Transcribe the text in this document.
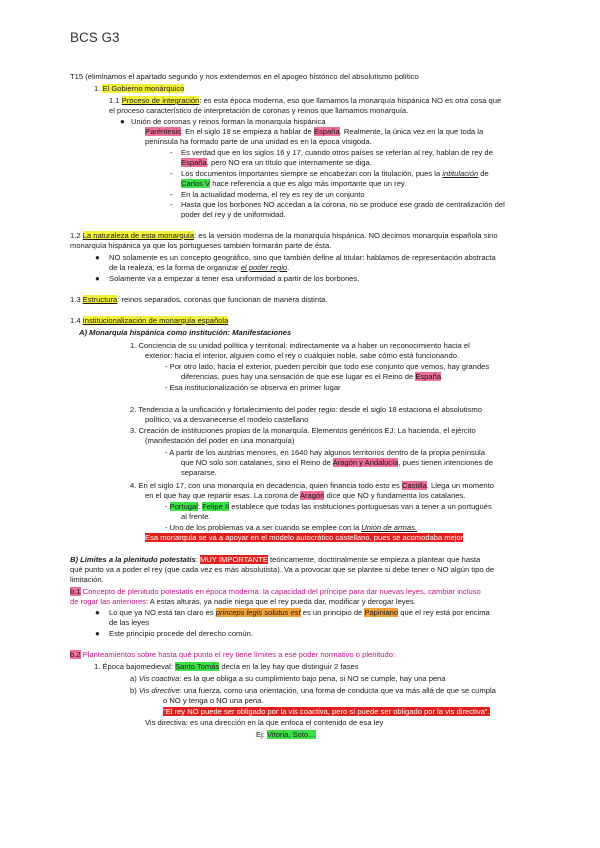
BCS G3
T15 (eliminamos el apartado segundo y nos extendemos en el apogeo histórico del absolutismo político
1. El Gobierno monárquico
1.1 Proceso de integración: es esta época moderna, eso que llamamos la monarquía hispánica NO es otra cosa que
el proceso característico de interpretación de coronas y reinos que llamamos monarquía.
Unión de coronas y reinos forman la monarquía hispánica
Paréntesis: En el siglo 18 se empieza a hablar de España. Realmente, la única vez en la que toda la
península ha formado parte de una unidad es en la época visigoda.
Es verdad que en los siglos 16 y 17, cuando otros países se referían al rey, hablan de rey de
España, pero NO era un título que internamente se diga.
Los documentos importantes siempre se encabezan con la titulación, pues la intitulación de
Carlos V hace referencia a que es algo más importante que un rey.
En la actualidad moderna, el rey es rey de un conjunto
Hasta que los borbones NO accedan a la corona, no se produce ese grado de centralización del
poder del rey y de uniformidad.
1.2 La naturaleza de esta monarquía: es la versión moderna de la monarquía hispánica. NO decimos monarquía española sino
monarquía hispánica ya que los portugueses también formarán parte de ésta.
NO solamente es un concepto geográfico, sino que también define al titular: hablamos de representación abstracta
de la realeza, es la forma de organizar el poder regio.
Solamente va a empezar a tener esa uniformidad a partir de los borbones.
1.3 Estructura: reinos separados, coronas que funcionan de manera distinta.
1.4 Institucionalización de monarquía española
A) Monarquía hispánica como institución: Manifestaciones
1. Conciencia de su unidad política y territorial: indirectamente va a haber un reconocimiento hacia el
exterior: hacia el interior, alguien como el rey o cualquier noble, sabe cómo está funcionando.
- Por otro lado, hacia el exterior, pueden percibir que todo ese conjunto que vemos, hay grandes
diferencias, pues hay una sensación de que ese lugar es el Reino de España.
- Esa institucionalización se observa en primer lugar
2. Tendencia a la unificación y fortalecimiento del poder regio: desde el siglo 18 estaciona el absolutismo
político, va a desvanecerse el modelo castellano
3. Creación de instituciones propias de la monarquía. Elementos genéricos EJ: La hacienda, el ejército
(manifestación del poder en una monarquía)
- A partir de los austrias menores, en 1640 hay algunos territorios dentro de la propia península
que NO solo son catalanes, sino el Reino de Aragón y Andalucía, pues tienen intenciones de
separarse.
4. En el siglo 17, con una monarquía en decadencia, quien financia todo esto es Castilla. Llega un momento
en el que hay que repartir esas. La corona de Aragón dice que NO y fundamenta los catalanes.
- Portugal: Felipe II establece que todas las instituciones portuguesas van a tener a un portugués
al frente.
- Uno de los problemas va a ser cuando se emplee con la Unión de armas.
Esa monarquía se va a apoyar en el modelo autocrático castellano, pues se acomodaba mejor
B) Límites a la plenitudo potestatis: MUY IMPORTANTE teóricamente, doctrinalmente se empieza a plantear que hasta
qué punto va a poder el rey (que cada vez es más absolutista). Va a provocar que se plantee si debe tener o NO algún tipo de
limitación.
b.1 Concepto de plenitudo potestatis en época moderna: la capacidad del príncipe para dar nuevas leyes, cambiar incluso
de rogar las anteriores: A estas alturas, ya nadie niega que el rey pueda dar, modificar y derogar leyes.
Lo que ya NO está tan claro es princeps legis solutus est es un principio de Papiniano que el rey está por encima
de las leyes
Este principio procede del derecho común.
b.2 Planteamientos sobre hasta qué punto el rey tiene límites a ese poder normativo o plenitudo:
1. Época bajomedieval: Santo Tomás decía en la ley hay que distinguir 2 fases
a) Vis coactiva: es la que obliga a su cumplimiento bajo pena, si NO se cumple, hay una pena
b) Vis directive: una fuerza, como una orientación, una forma de conducta que va más allá de que se cumpla
o NO y tenga o NO una pena.
"El rey NO puede ser obligado por la vis coactiva, pero sí puede ser obligado por la vis directiva".
Vis directiva: es una dirección en la que enfoca el contenido de esa ley
Ej: Vitoria, Soto…
●
●
●
●
●
-
-
-
-
